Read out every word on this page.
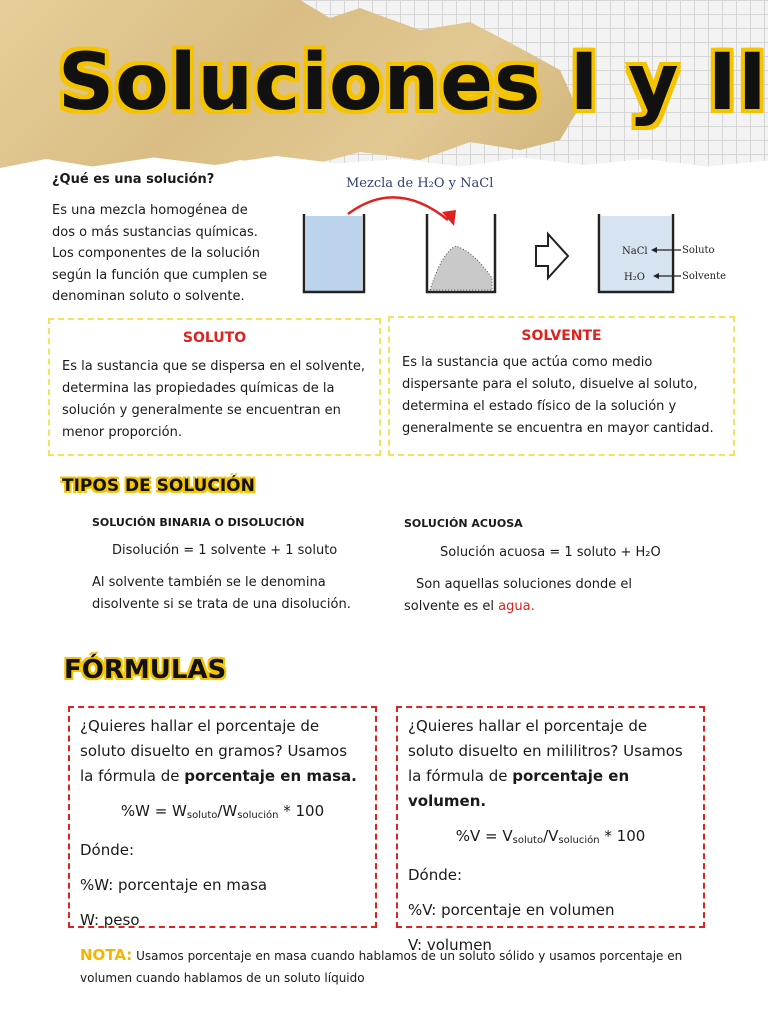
Soluciones I y II

¿Qué es una solución?

Es una mezcla homogénea de dos o más sustancias químicas. Los componentes de la solución según la función que cumplen se denominan soluto o solvente.

Mezcla de H₂O y NaCl
NaCl
H₂O
Soluto
Solvente
SOLUTO

Es la sustancia que se dispersa en el solvente, determina las propiedades químicas de la solución y generalmente se encuentran en menor proporción.

SOLVENTE

Es la sustancia que actúa como medio dispersante para el soluto, disuelve al soluto, determina el estado físico de la solución y generalmente se encuentra en mayor cantidad.

TIPOS DE SOLUCIÓN

SOLUCIÓN BINARIA O DISOLUCIÓN

Disolución = 1 solvente + 1 soluto

Al solvente también se le denomina disolvente si se trata de una disolución.

SOLUCIÓN ACUOSA

Solución acuosa = 1 soluto + H₂O

Son aquellas soluciones donde el solvente es el agua.

FÓRMULAS

¿Quieres hallar el porcentaje de soluto disuelto en gramos? Usamos la fórmula de porcentaje en masa.

$\%W = W_{soluto}/W_{solución} * 100$

Dónde:

%W: porcentaje en masa

W: peso

¿Quieres hallar el porcentaje de soluto disuelto en mililitros? Usamos la fórmula de porcentaje en volumen.

$\%V = V_{soluto}/V_{solución} * 100$

Dónde:

%V: porcentaje en volumen

V: volumen

NOTA: Usamos porcentaje en masa cuando hablamos de un soluto sólido y usamos porcentaje en volumen cuando hablamos de un soluto líquido
